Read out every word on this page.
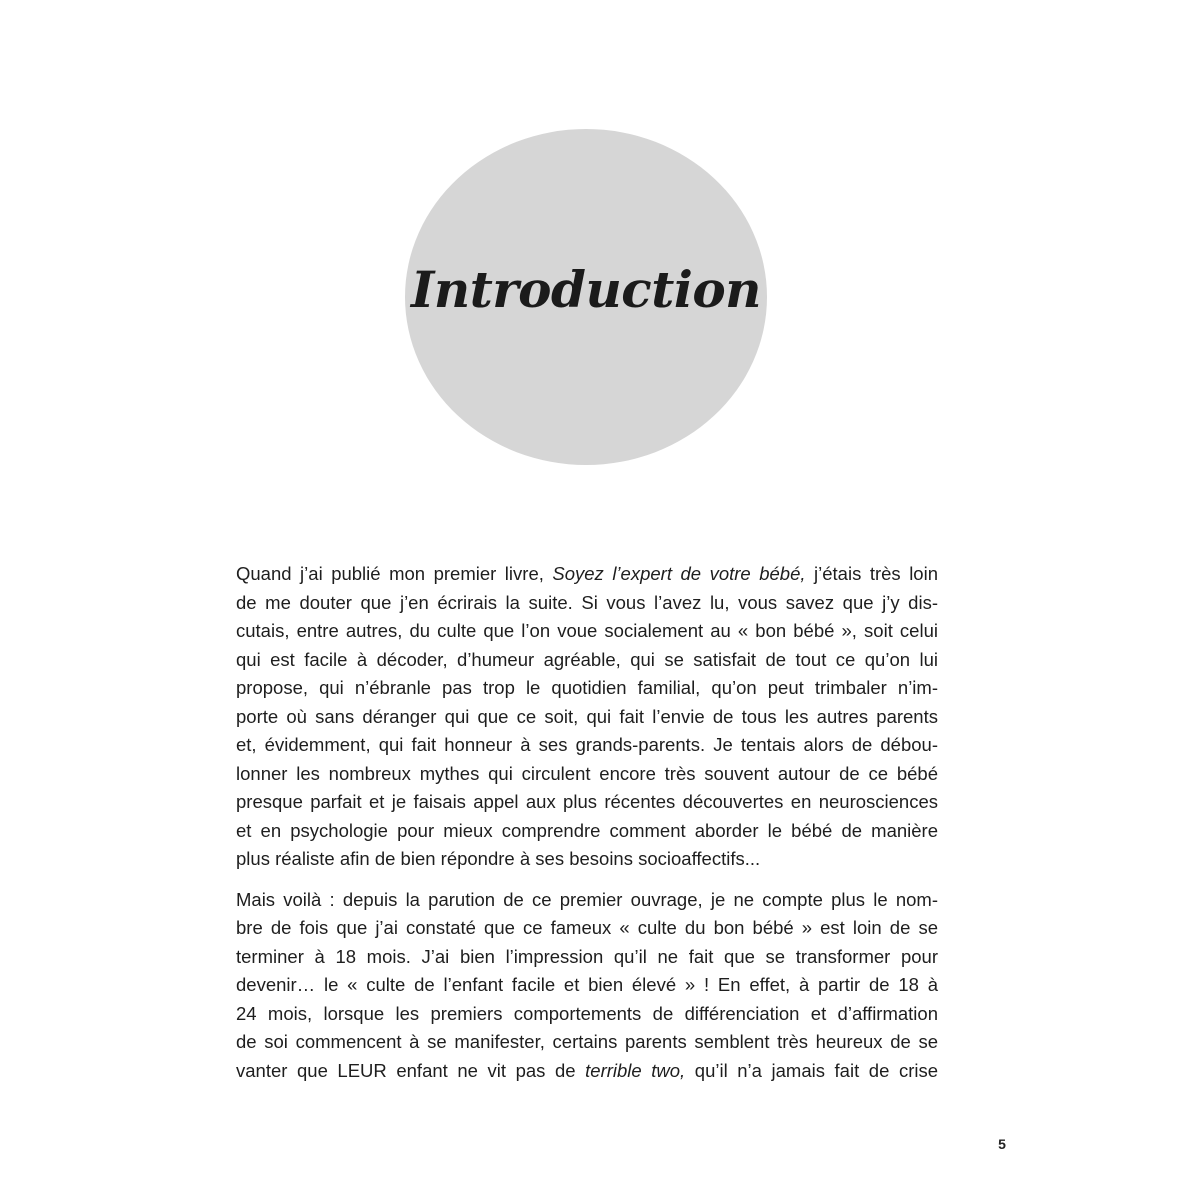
Introduction

Quand j’ai publié mon premier livre, Soyez l’expert de votre bébé, j’étais très loin
de me douter que j’en écrirais la suite. Si vous l’avez lu, vous savez que j’y dis-
cutais, entre autres, du culte que l’on voue socialement au « bon bébé », soit celui
qui est facile à décoder, d’humeur agréable, qui se satisfait de tout ce qu’on lui
propose, qui n’ébranle pas trop le quotidien familial, qu’on peut trimbaler n’im-
porte où sans déranger qui que ce soit, qui fait l’envie de tous les autres parents
et, évidemment, qui fait honneur à ses grands-parents. Je tentais alors de débou-
lonner les nombreux mythes qui circulent encore très souvent autour de ce bébé
presque parfait et je faisais appel aux plus récentes découvertes en neurosciences
et en psychologie pour mieux comprendre comment aborder le bébé de manière
plus réaliste afin de bien répondre à ses besoins socioaffectifs...

Mais voilà : depuis la parution de ce premier ouvrage, je ne compte plus le nom-
bre de fois que j’ai constaté que ce fameux « culte du bon bébé » est loin de se
terminer à 18 mois. J’ai bien l’impression qu’il ne fait que se transformer pour
devenir… le « culte de l’enfant facile et bien élevé » ! En effet, à partir de 18 à
24 mois, lorsque les premiers comportements de différenciation et d’affirmation
de soi commencent à se manifester, certains parents semblent très heureux de se
vanter que LEUR enfant ne vit pas de terrible two, qu’il n’a jamais fait de crise

5
